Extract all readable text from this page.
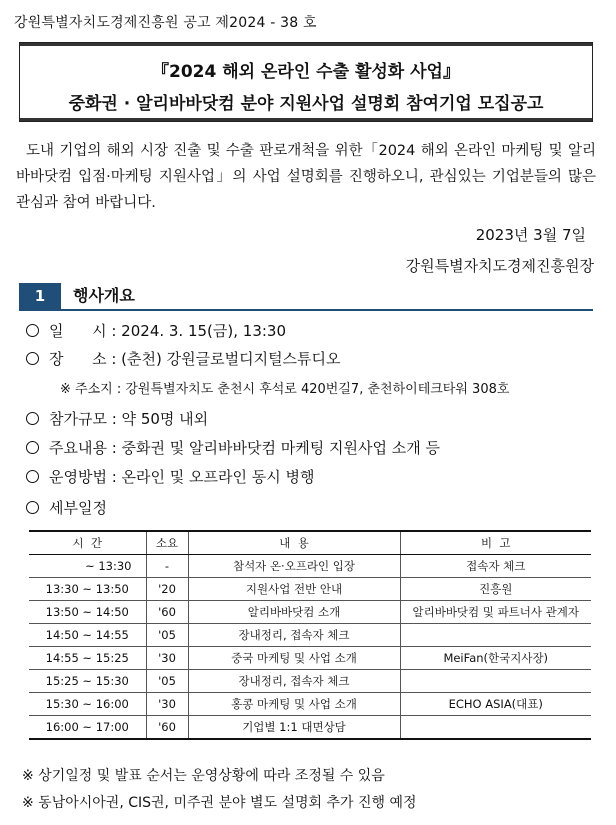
강원특별자치도경제진흥원 공고 제2024 - 38 호
『2024 해외 온라인 수출 활성화 사업』
중화권 · 알리바바닷컴 분야 지원사업 설명회 참여기업 모집공고
도내 기업의 해외 시장 진출 및 수출 판로개척을 위한「2024 해외 온라인 마케팅 및 알리바바닷컴 입점·마케팅 지원사업」의 사업 설명회를 진행하오니, 관심있는 기업분들의 많은 관심과 참여 바랍니다.
2023년 3월 7일
강원특별자치도경제진흥원장
1	행사개요
일      시 : 2024. 3. 15(금), 13:30
장      소 : (춘천) 강원글로벌디지털스튜디오
※ 주소지 : 강원특별자치도 춘천시 후석로 420번길7, 춘천하이테크타워 308호
참가규모 : 약 50명 내외
주요내용 : 중화권 및 알리바바닷컴 마케팅 지원사업 소개 등
운영방법 : 온라인 및 오프라인 동시 병행
세부일정
시  간	소요	내  용	비  고
~ 13:30	-	참석자 온·오프라인 입장	접속자 체크
13:30 ~ 13:50	'20	지원사업 전반 안내	진흥원
13:50 ~ 14:50	'60	알리바바닷컴 소개	알리바바닷컴 및 파트너사 관계자
14:50 ~ 14:55	'05	장내정리, 접속자 체크	
14:55 ~ 15:25	'30	중국 마케팅 및 사업 소개	MeiFan(한국지사장)
15:25 ~ 15:30	'05	장내정리, 접속자 체크	
15:30 ~ 16:00	'30	홍콩 마케팅 및 사업 소개	ECHO ASIA(대표)
16:00 ~ 17:00	'60	기업별 1:1 대면상담	
※ 상기일정 및 발표 순서는 운영상황에 따라 조정될 수 있음
※ 동남아시아권, CIS권, 미주권 분야 별도 설명회 추가 진행 예정
